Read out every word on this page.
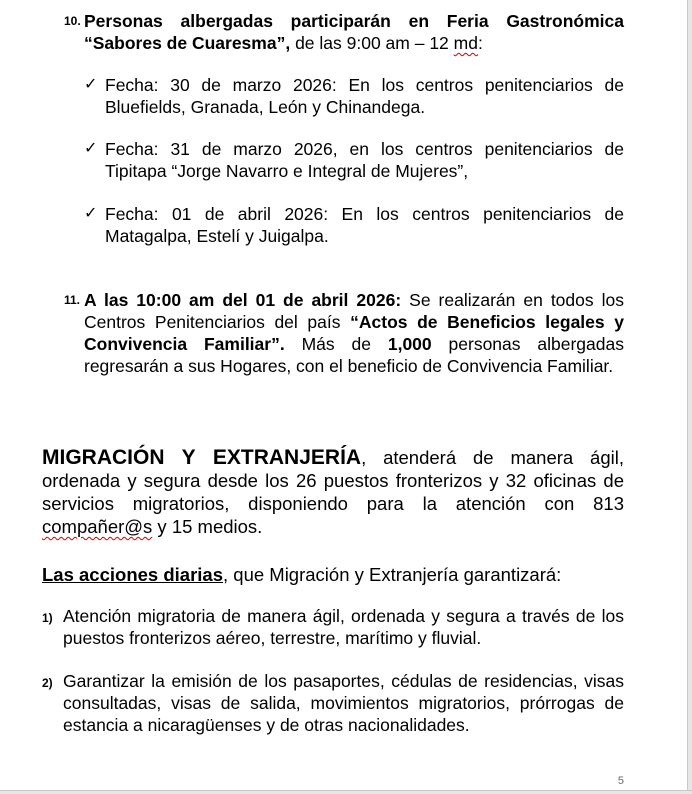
10. Personas albergadas participarán en Feria Gastronómica “Sabores de Cuaresma”, de las 9:00 am – 12 md:
✓ Fecha: 30 de marzo 2026: En los centros penitenciarios de Bluefields, Granada, León y Chinandega.
✓ Fecha: 31 de marzo 2026, en los centros penitenciarios de Tipitapa “Jorge Navarro e Integral de Mujeres”,
✓ Fecha: 01 de abril 2026: En los centros penitenciarios de Matagalpa, Estelí y Juigalpa.
11. A las 10:00 am del 01 de abril 2026: Se realizarán en todos los Centros Penitenciarios del país “Actos de Beneficios legales y Convivencia Familiar”. Más de 1,000 personas albergadas regresarán a sus Hogares, con el beneficio de Convivencia Familiar.
MIGRACIÓN Y EXTRANJERÍA, atenderá de manera ágil, ordenada y segura desde los 26 puestos fronterizos y 32 oficinas de servicios migratorios, disponiendo para la atención con 813 compañer@s y 15 medios.
Las acciones diarias, que Migración y Extranjería garantizará:
1) Atención migratoria de manera ágil, ordenada y segura a través de los puestos fronterizos aéreo, terrestre, marítimo y fluvial.
2) Garantizar la emisión de los pasaportes, cédulas de residencias, visas consultadas, visas de salida, movimientos migratorios, prórrogas de estancia a nicaragüenses y de otras nacionalidades.
5
